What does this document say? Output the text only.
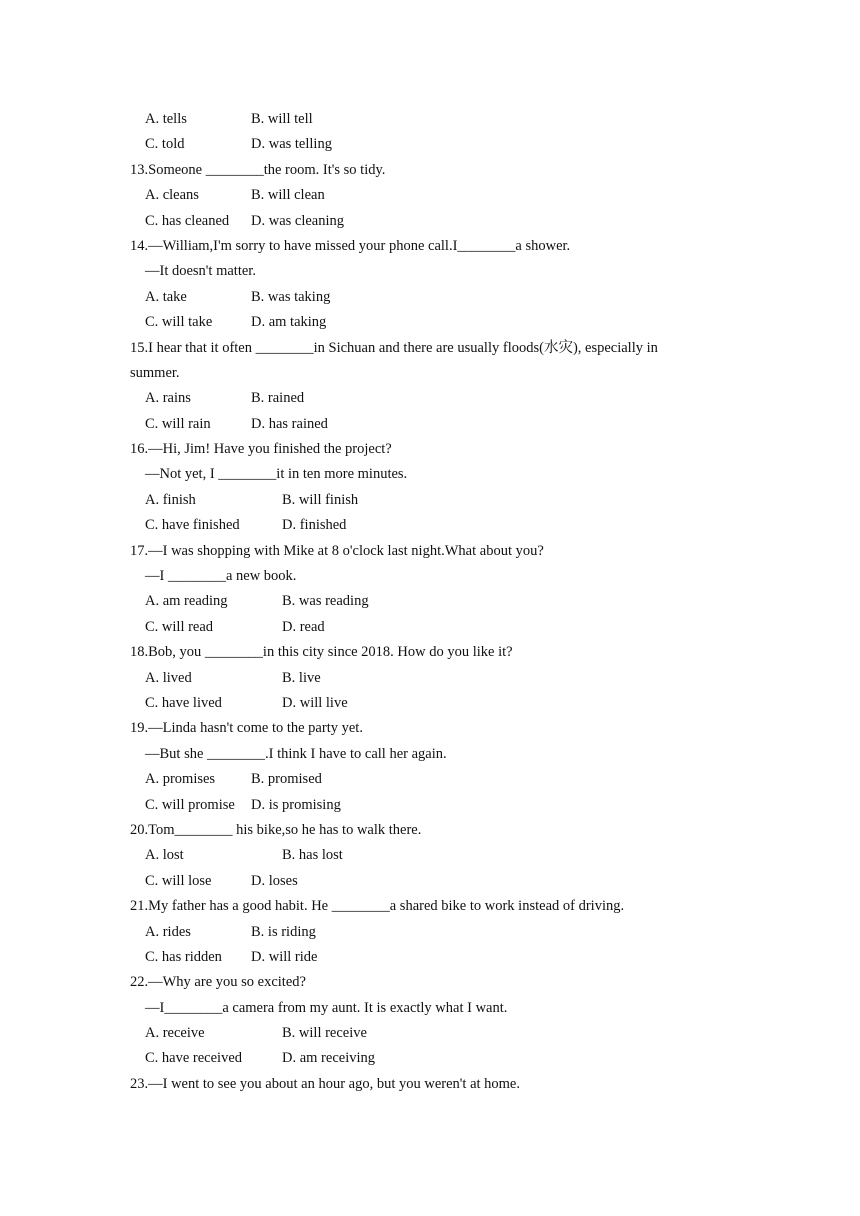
A. tells	B. will tell
C. told	D. was telling
13.Someone ________the room. It's so tidy.
A. cleans	B. will clean
C. has cleaned D. was cleaning
14.—William,I'm sorry to have missed your phone call.I________a shower.
—It doesn't matter.
A. take	B. was taking
C. will take	D. am taking
15.I hear that it often ________in Sichuan and there are usually floods(水灾), especially in
summer.
A. rains	B. rained
C. will rain	D. has rained
16.—Hi, Jim! Have you finished the project?
—Not yet, I ________it in ten more minutes.
A. finish	B. will finish
C. have finished	D. finished
17.—I was shopping with Mike at 8 o'clock last night.What about you?
—I ________a new book.
A. am reading	B. was reading
C. will read	D. read
18.Bob, you ________in this city since 2018. How do you like it?
A. lived	B. live
C. have lived	D. will live
19.—Linda hasn't come to the party yet.
—But she ________.I think I have to call her again.
A. promises B. promised
C. will promise D. is promising
20.Tom________ his bike,so he has to walk there.
A. lost	B. has lost
C. will lose	D. loses
21.My father has a good habit. He ________a shared bike to work instead of driving.
A. rides	B. is riding
C. has ridden D. will ride
22.—Why are you so excited?
—I________a camera from my aunt. It is exactly what I want.
A. receive	B. will receive
C. have received	D. am receiving
23.—I went to see you about an hour ago, but you weren't at home.
